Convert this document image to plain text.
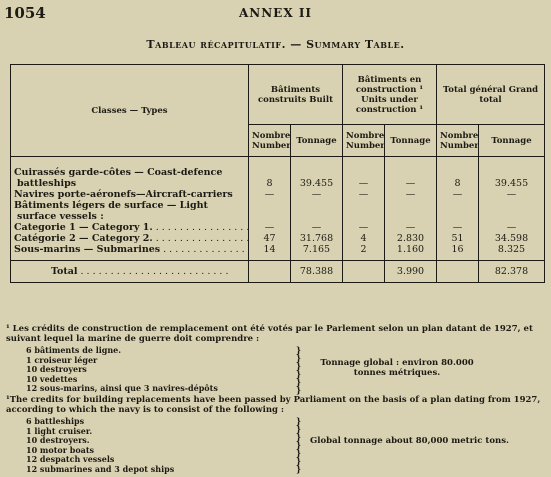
1054	ANNEX II
Tableau récapitulatif. — Summary Table.
Classes — Types	Bâtiments construits Built		Bâtiments en construction ¹ Units under construction ¹		Total général Grand total	
	Nombre Number	Tonnage	Nombre Number	Tonnage	Nombre Number	Tonnage

Cuirassés garde-côtes — Coast-defence						
battleships	8	39.455	—	—	8	39.455
Navires porte-aéronefs—Aircraft-carriers	—	—	—	—	—	—
Bâtiments légers de surface — Light						
surface vessels :						
Categorie 1 — Category 1. . . .	—	—	—	—	—	—
Catégorie 2 — Category 2. . . .	47	31.768	4	2.830	51	34.598
Sous-marins — Submarines . . .	14	7.165	2	1.160	16	8.325

Total . . .		78.388		3.990		82.378
¹ Les crédits de construction de remplacement ont été votés par le Parlement selon un plan datant de 1927, et suivant lequel la marine de guerre doit comprendre :
6 bâtiments de ligne.
1 croiseur léger
10 destroyers
10 vedettes
12 sous-marins, ainsi que 3 navires-dépôts
}
}
}
}
}
}
Tonnage global : environ 80.000 tonnes métriques.
¹The credits for building replacements have been passed by Parliament on the basis of a plan dating from 1927, according to which the navy is to consist of the following :
6 battleships
1 light cruiser.
10 destroyers.
10 motor boats
12 despatch vessels
12 submarines and 3 depot ships
}
}
}
}
}
}
}
Global tonnage about 80,000 metric tons.
